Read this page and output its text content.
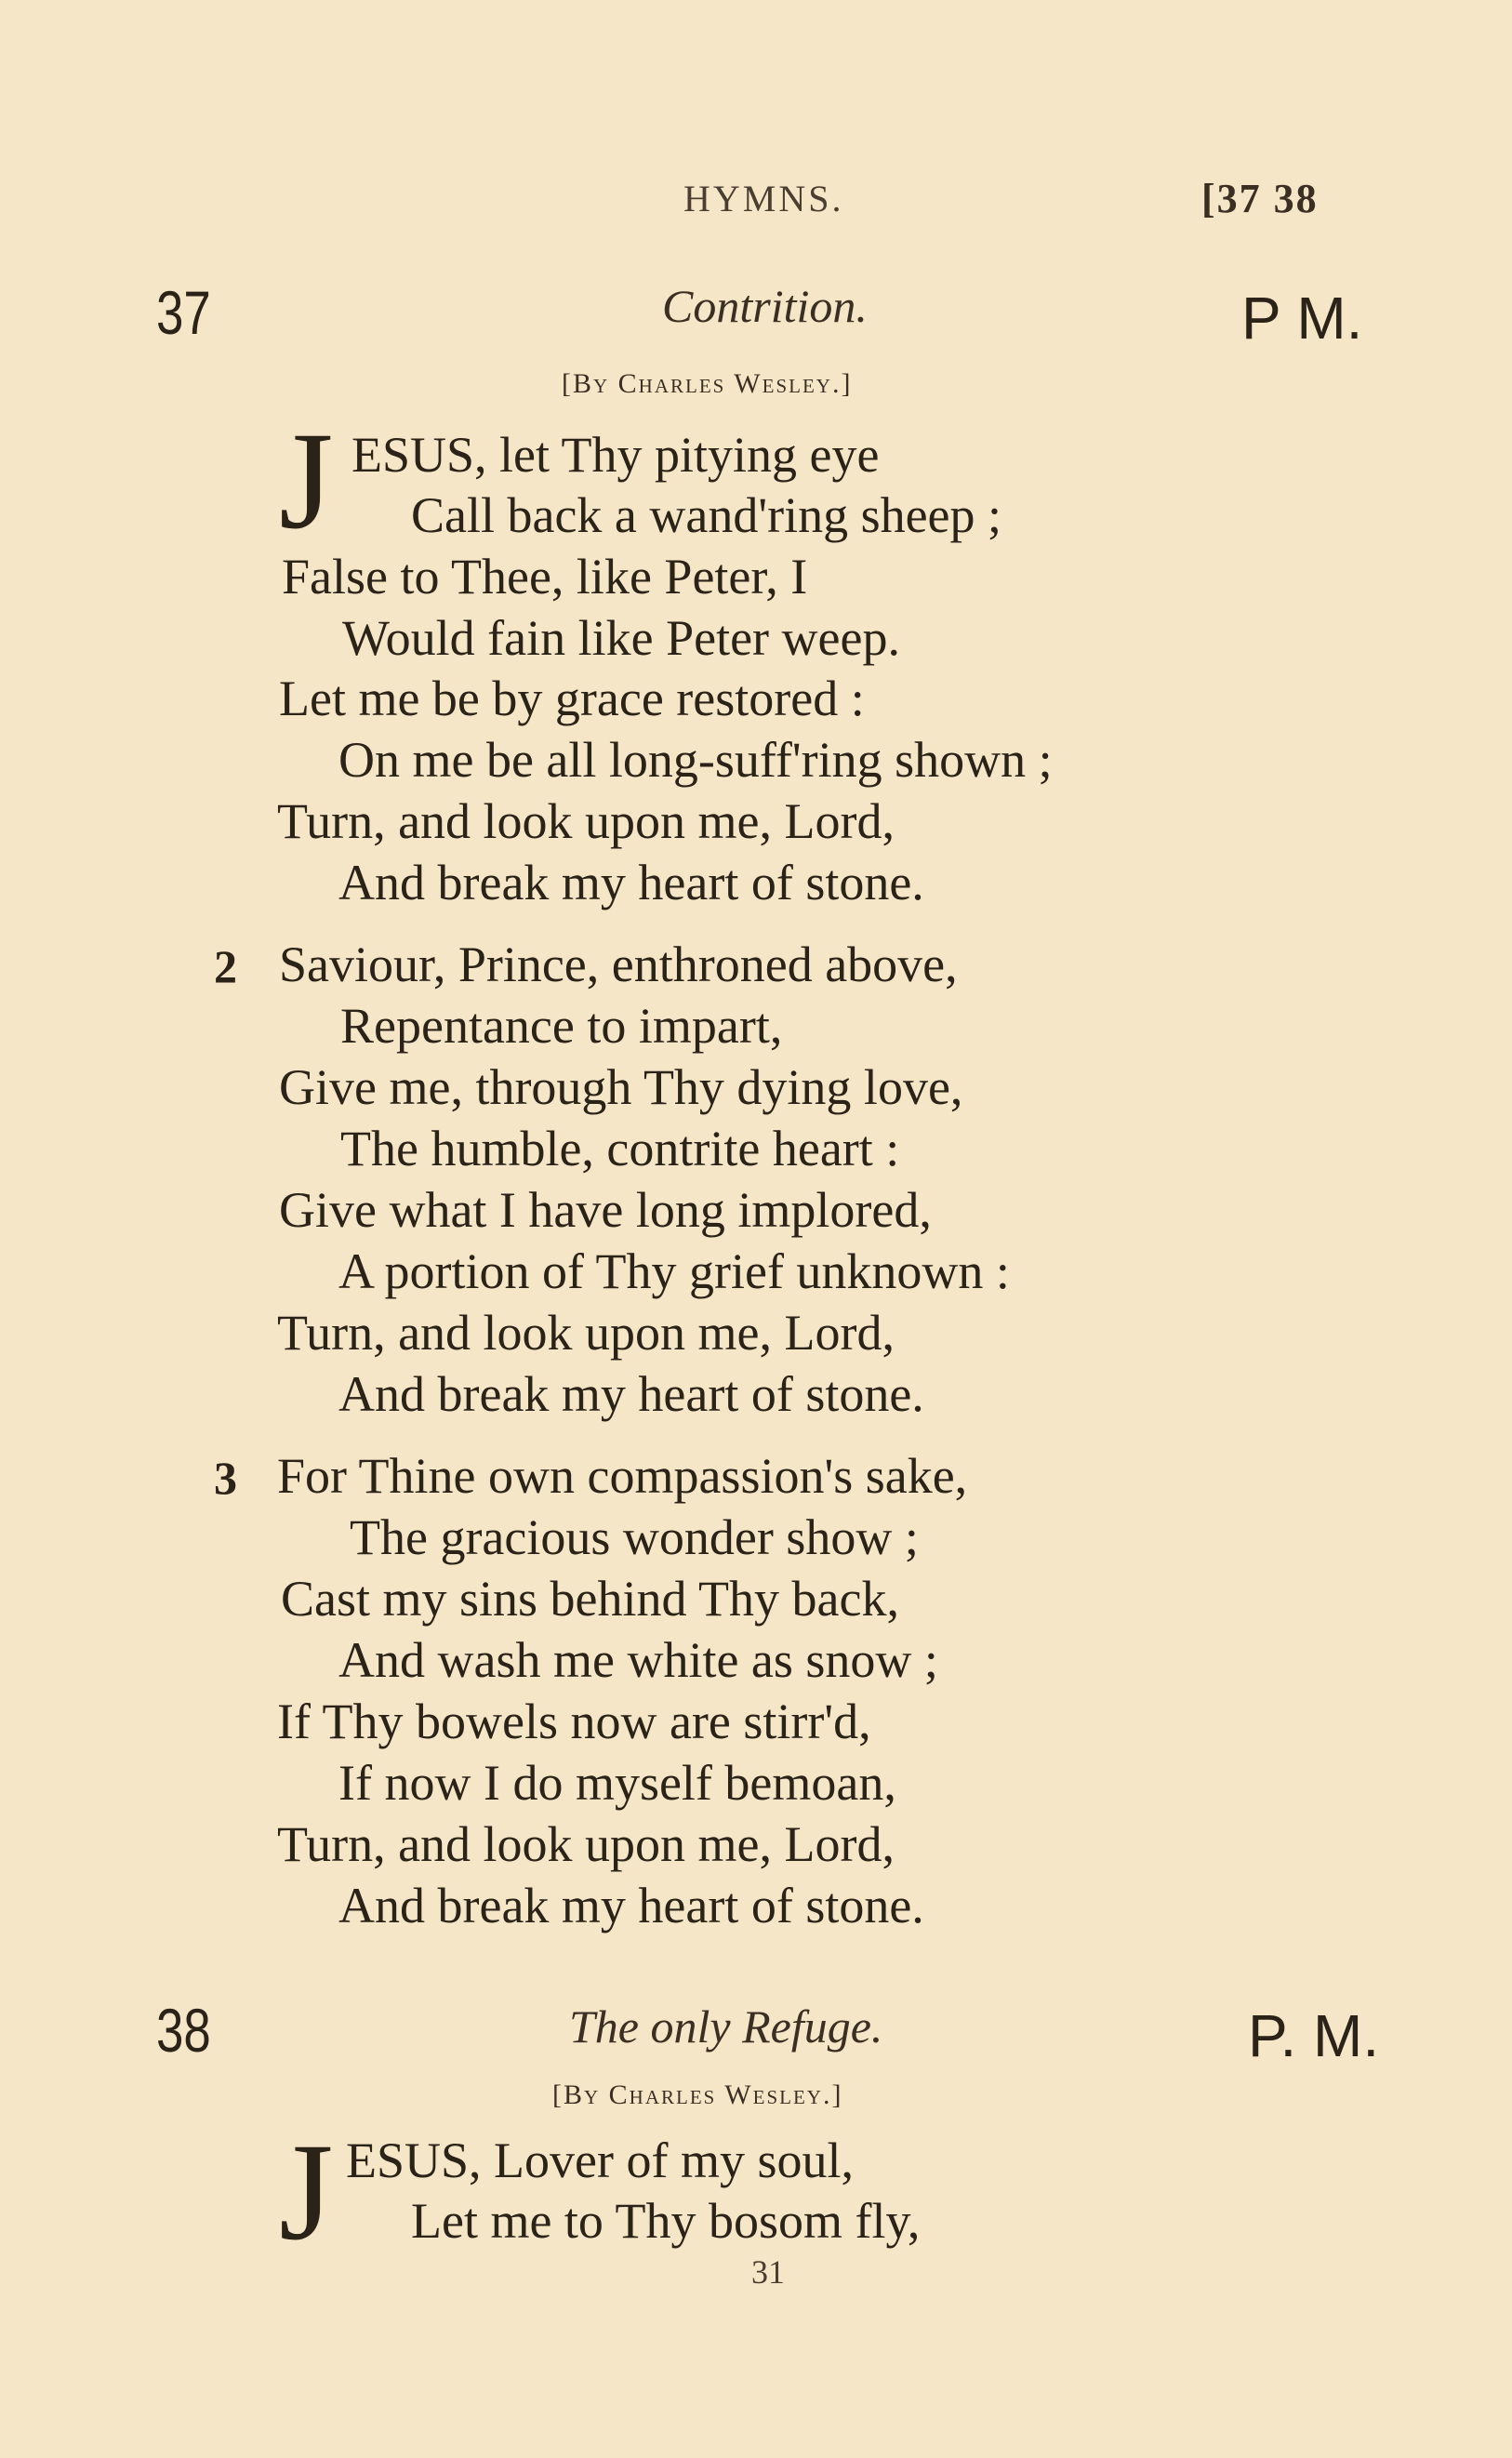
HYMNS.	[37 38
37	Contrition.	P M.
[By Charles Wesley.]
J ESUS, let Thy pitying eye
Call back a wand'ring sheep ;
False to Thee, like Peter, I
Would fain like Peter weep.
Let me be by grace restored :
On me be all long-suff'ring shown ;
Turn, and look upon me, Lord,
And break my heart of stone.
2 Saviour, Prince, enthroned above,
Repentance to impart,
Give me, through Thy dying love,
The humble, contrite heart :
Give what I have long implored,
A portion of Thy grief unknown :
Turn, and look upon me, Lord,
And break my heart of stone.
3 For Thine own compassion's sake,
The gracious wonder show ;
Cast my sins behind Thy back,
And wash me white as snow ;
If Thy bowels now are stirr'd,
If now I do myself bemoan,
Turn, and look upon me, Lord,
And break my heart of stone.
38	The only Refuge.	P. M.
[By Charles Wesley.]
J ESUS, Lover of my soul,
Let me to Thy bosom fly,
31
